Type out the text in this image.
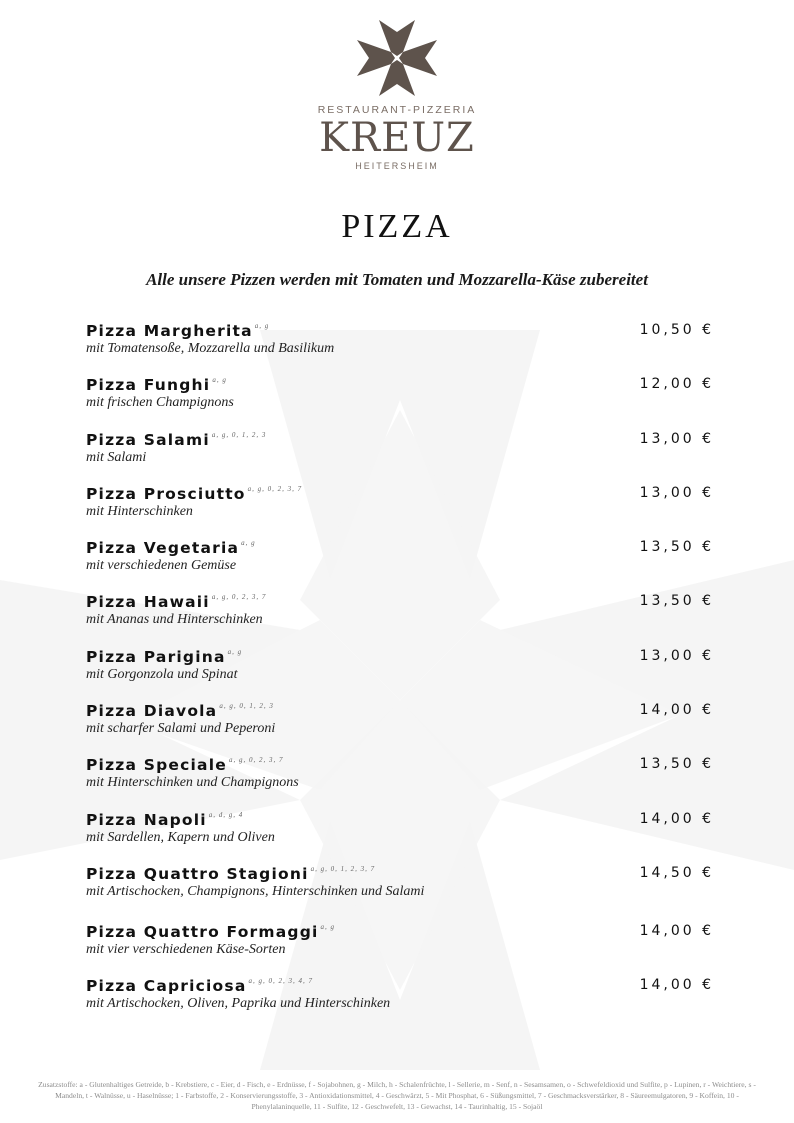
RESTAURANT-PIZZERIA
KREUZ
HEITERSHEIM
PIZZA
Alle unsere Pizzen werden mit Tomaten und Mozzarella-Käse zubereitet
Pizza Margherita $^{a, g}$
mit Tomatensoße, Mozzarella und Basilikum
10,50 €
Pizza Funghi $^{a, g}$
mit frischen Champignons
12,00 €
Pizza Salami $^{a, g, 0, 1, 2, 3}$
mit Salami
13,00 €
Pizza Prosciutto $^{a, g, 0, 2, 3, 7}$
mit Hinterschinken
13,00 €
Pizza Vegetaria $^{a, g}$
mit verschiedenen Gemüse
13,50 €
Pizza Hawaii $^{a, g, 0, 2, 3, 7}$
mit Ananas und Hinterschinken
13,50 €
Pizza Parigina $^{a, g}$
mit Gorgonzola und Spinat
13,00 €
Pizza Diavola $^{a, g, 0, 1, 2, 3}$
mit scharfer Salami und Peperoni
14,00 €
Pizza Speciale $^{a, g, 0, 2, 3, 7}$
mit Hinterschinken und Champignons
13,50 €
Pizza Napoli $^{a, d, g, 4}$
mit Sardellen, Kapern und Oliven
14,00 €
Pizza Quattro Stagioni $^{a, g, 0, 1, 2, 3, 7}$
mit Artischocken, Champignons, Hinterschinken und Salami
14,50 €
Pizza Quattro Formaggi $^{a, g}$
mit vier verschiedenen Käse-Sorten
14,00 €
Pizza Capriciosa $^{a, g, 0, 2, 3, 4, 7}$
mit Artischocken, Oliven, Paprika und Hinterschinken
14,00 €
Zusatzstoffe: a - Glutenhaltiges Getreide, b - Krebstiere, c - Eier, d - Fisch, e - Erdnüsse, f - Sojabohnen, g - Milch, h - Schalenfrüchte, l - Sellerie, m - Senf, n - Sesamsamen, o - Schwefeldioxid und Sulfite, p - Lupinen, r - Weichtiere, s - Mandeln, t - Walnüsse, u - Haselnüsse; 1 - Farbstoffe, 2 - Konservierungsstoffe, 3 - Antioxidationsmittel, 4 - Geschwärzt, 5 - Mit Phosphat, 6 - Süßungsmittel, 7 - Geschmacksverstärker, 8 - Säureemulgatoren, 9 - Koffein, 10 - Phenylalaninquelle, 11 - Sulfite, 12 - Geschwefelt, 13 - Gewachst, 14 - Taurinhaltig, 15 - Sojaöl
